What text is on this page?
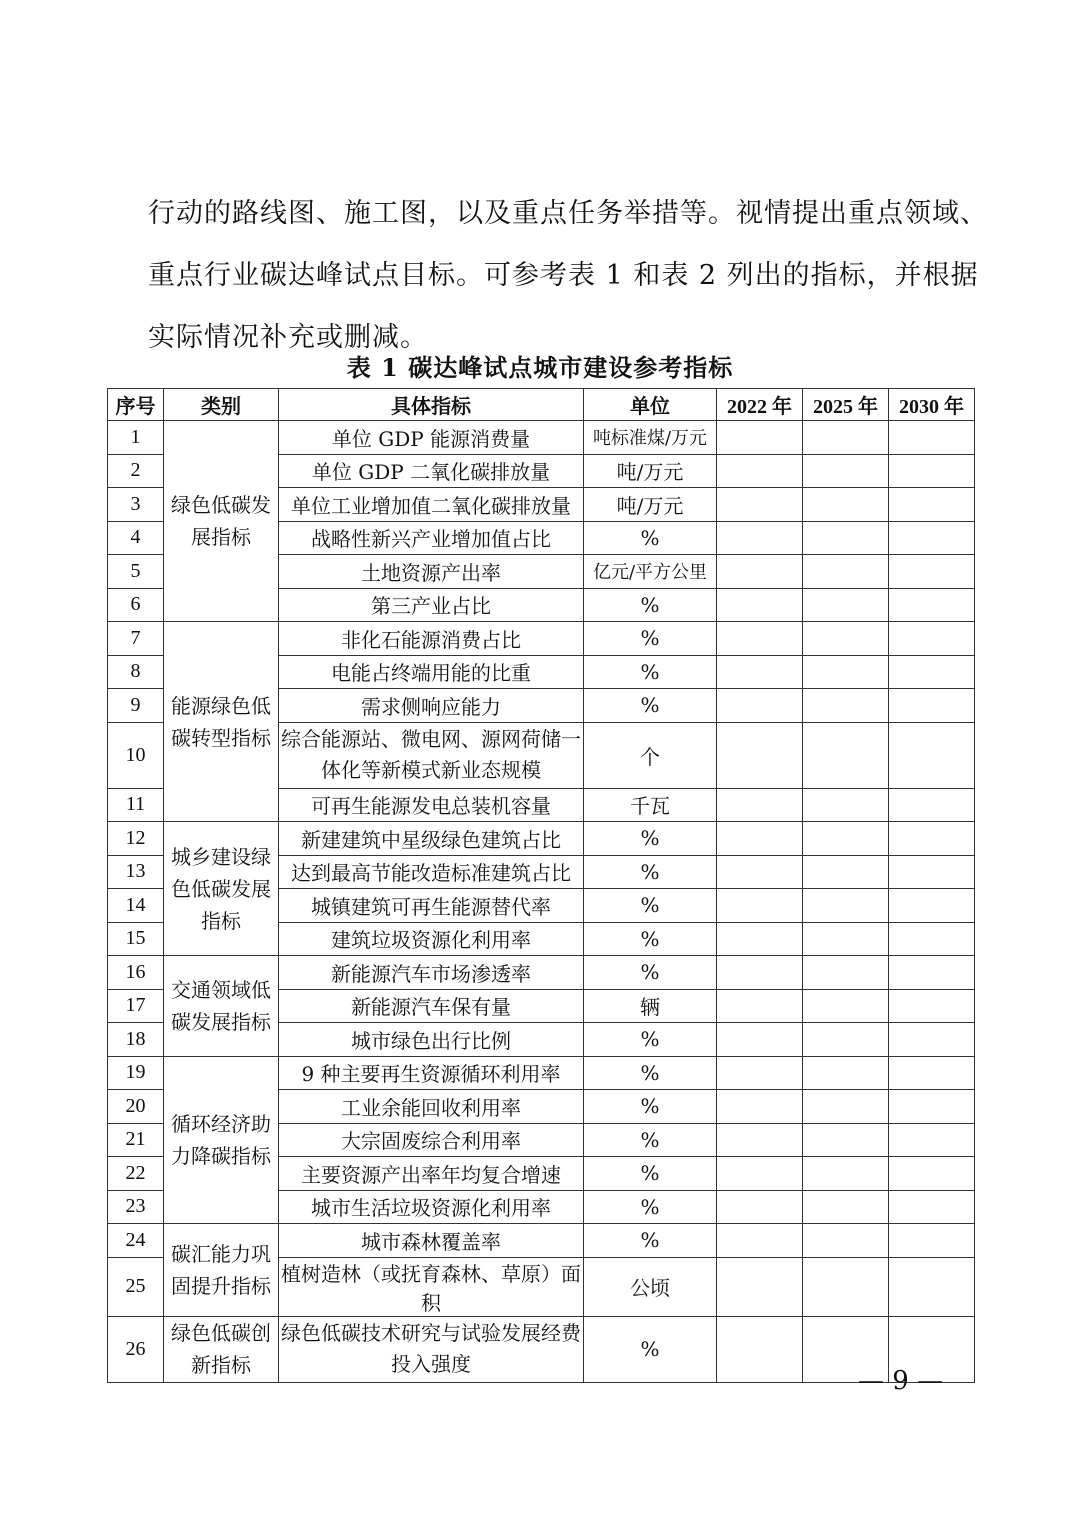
行动的路线图、施工图，以及重点任务举措等。视情提出重点领域、

重点行业碳达峰试点目标。可参考表 1 和表 2 列出的指标，并根据

实际情况补充或删减。

表 1 碳达峰试点城市建设参考指标
序号	类别	具体指标	单位	2022 年	2025 年	2030 年
1	绿色低碳发展指标	单位 GDP 能源消费量	吨标准煤/万元			
2		单位 GDP 二氧化碳排放量	吨/万元			
3		单位工业增加值二氧化碳排放量	吨/万元			
4		战略性新兴产业增加值占比	%			
5		土地资源产出率	亿元/平方公里			
6		第三产业占比	%			
7	能源绿色低碳转型指标	非化石能源消费占比	%			
8		电能占终端用能的比重	%			
9		需求侧响应能力	%			
10		综合能源站、微电网、源网荷储一体化等新模式新业态规模	个			
11		可再生能源发电总装机容量	千瓦			
12	城乡建设绿色低碳发展指标	新建建筑中星级绿色建筑占比	%			
13		达到最高节能改造标准建筑占比	%			
14		城镇建筑可再生能源替代率	%			
15		建筑垃圾资源化利用率	%			
16	交通领域低碳发展指标	新能源汽车市场渗透率	%			
17		新能源汽车保有量	辆			
18		城市绿色出行比例	%			
19	循环经济助力降碳指标	9 种主要再生资源循环利用率	%			
20		工业余能回收利用率	%			
21		大宗固废综合利用率	%			
22		主要资源产出率年均复合增速	%			
23		城市生活垃圾资源化利用率	%			
24	碳汇能力巩固提升指标	城市森林覆盖率	%			
25		植树造林（或抚育森林、草原）面积	公顷			
26	绿色低碳创新指标	绿色低碳技术研究与试验发展经费投入强度	%			
— 9 —
